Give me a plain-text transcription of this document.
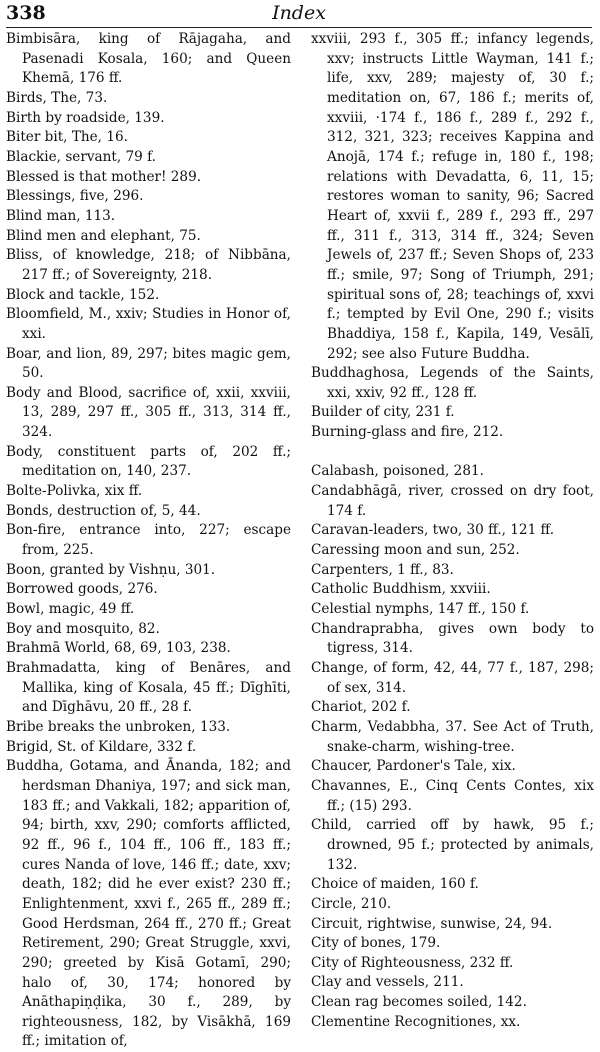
338	Index
Bimbisāra, king of Rājagaha, and Pasenadi Kosala, 160; and Queen Khemā, 176 ff.
Birds, The, 73.
Birth by roadside, 139.
Biter bit, The, 16.
Blackie, servant, 79 f.
Blessed is that mother! 289.
Blessings, five, 296.
Blind man, 113.
Blind men and elephant, 75.
Bliss, of knowledge, 218; of Nibbāna, 217 ff.; of Sovereignty, 218.
Block and tackle, 152.
Bloomfield, M., xxiv; Studies in Honor of, xxi.
Boar, and lion, 89, 297; bites magic gem, 50.
Body and Blood, sacrifice of, xxii, xxviii, 13, 289, 297 ff., 305 ff., 313, 314 ff., 324.
Body, constituent parts of, 202 ff.; meditation on, 140, 237.
Bolte-Polivka, xix ff.
Bonds, destruction of, 5, 44.
Bon-fire, entrance into, 227; escape from, 225.
Boon, granted by Vishṇu, 301.
Borrowed goods, 276.
Bowl, magic, 49 ff.
Boy and mosquito, 82.
Brahmā World, 68, 69, 103, 238.
Brahmadatta, king of Benāres, and Mallika, king of Kosala, 45 ff.; Dīghīti, and Dīghāvu, 20 ff., 28 f.
Bribe breaks the unbroken, 133.
Brigid, St. of Kildare, 332 f.
Buddha, Gotama, and Ānanda, 182; and herdsman Dhaniya, 197; and sick man, 183 ff.; and Vakkali, 182; apparition of, 94; birth, xxv, 290; comforts afflicted, 92 ff., 96 f., 104 ff., 106 ff., 183 ff.; cures Nanda of love, 146 ff.; date, xxv; death, 182; did he ever exist? 230 ff.; Enlightenment, xxvi f., 265 ff., 289 ff.; Good Herdsman, 264 ff., 270 ff.; Great Retirement, 290; Great Struggle, xxvi, 290; greeted by Kisā Gotamī, 290; halo of, 30, 174; honored by Anāthapiṇḍika, 30 f., 289, by righteousness, 182, by Visākhā, 169 ff.; imitation of,
xxviii, 293 f., 305 ff.; infancy legends, xxv; instructs Little Wayman, 141 f.; life, xxv, 289; majesty of, 30 f.; meditation on, 67, 186 f.; merits of, xxviii, ·174 f., 186 f., 289 f., 292 f., 312, 321, 323; receives Kappina and Anojā, 174 f.; refuge in, 180 f., 198; relations with Devadatta, 6, 11, 15; restores woman to sanity, 96; Sacred Heart of, xxvii f., 289 f., 293 ff., 297 ff., 311 f., 313, 314 ff., 324; Seven Jewels of, 237 ff.; Seven Shops of, 233 ff.; smile, 97; Song of Triumph, 291; spiritual sons of, 28; teachings of, xxvi f.; tempted by Evil One, 290 f.; visits Bhaddiya, 158 f., Kapila, 149, Vesālī, 292; see also Future Buddha.
Buddhaghosa, Legends of the Saints, xxi, xxiv, 92 ff., 128 ff.
Builder of city, 231 f.
Burning-glass and fire, 212.
Calabash, poisoned, 281.
Candabhāgā, river, crossed on dry foot, 174 f.
Caravan-leaders, two, 30 ff., 121 ff.
Caressing moon and sun, 252.
Carpenters, 1 ff., 83.
Catholic Buddhism, xxviii.
Celestial nymphs, 147 ff., 150 f.
Chandraprabha, gives own body to tigress, 314.
Change, of form, 42, 44, 77 f., 187, 298; of sex, 314.
Chariot, 202 f.
Charm, Vedabbha, 37. See Act of Truth, snake-charm, wishing-tree.
Chaucer, Pardoner's Tale, xix.
Chavannes, E., Cinq Cents Contes, xix ff.; (15) 293.
Child, carried off by hawk, 95 f.; drowned, 95 f.; protected by animals, 132.
Choice of maiden, 160 f.
Circle, 210.
Circuit, rightwise, sunwise, 24, 94.
City of bones, 179.
City of Righteousness, 232 ff.
Clay and vessels, 211.
Clean rag becomes soiled, 142.
Clementine Recognitiones, xx.
